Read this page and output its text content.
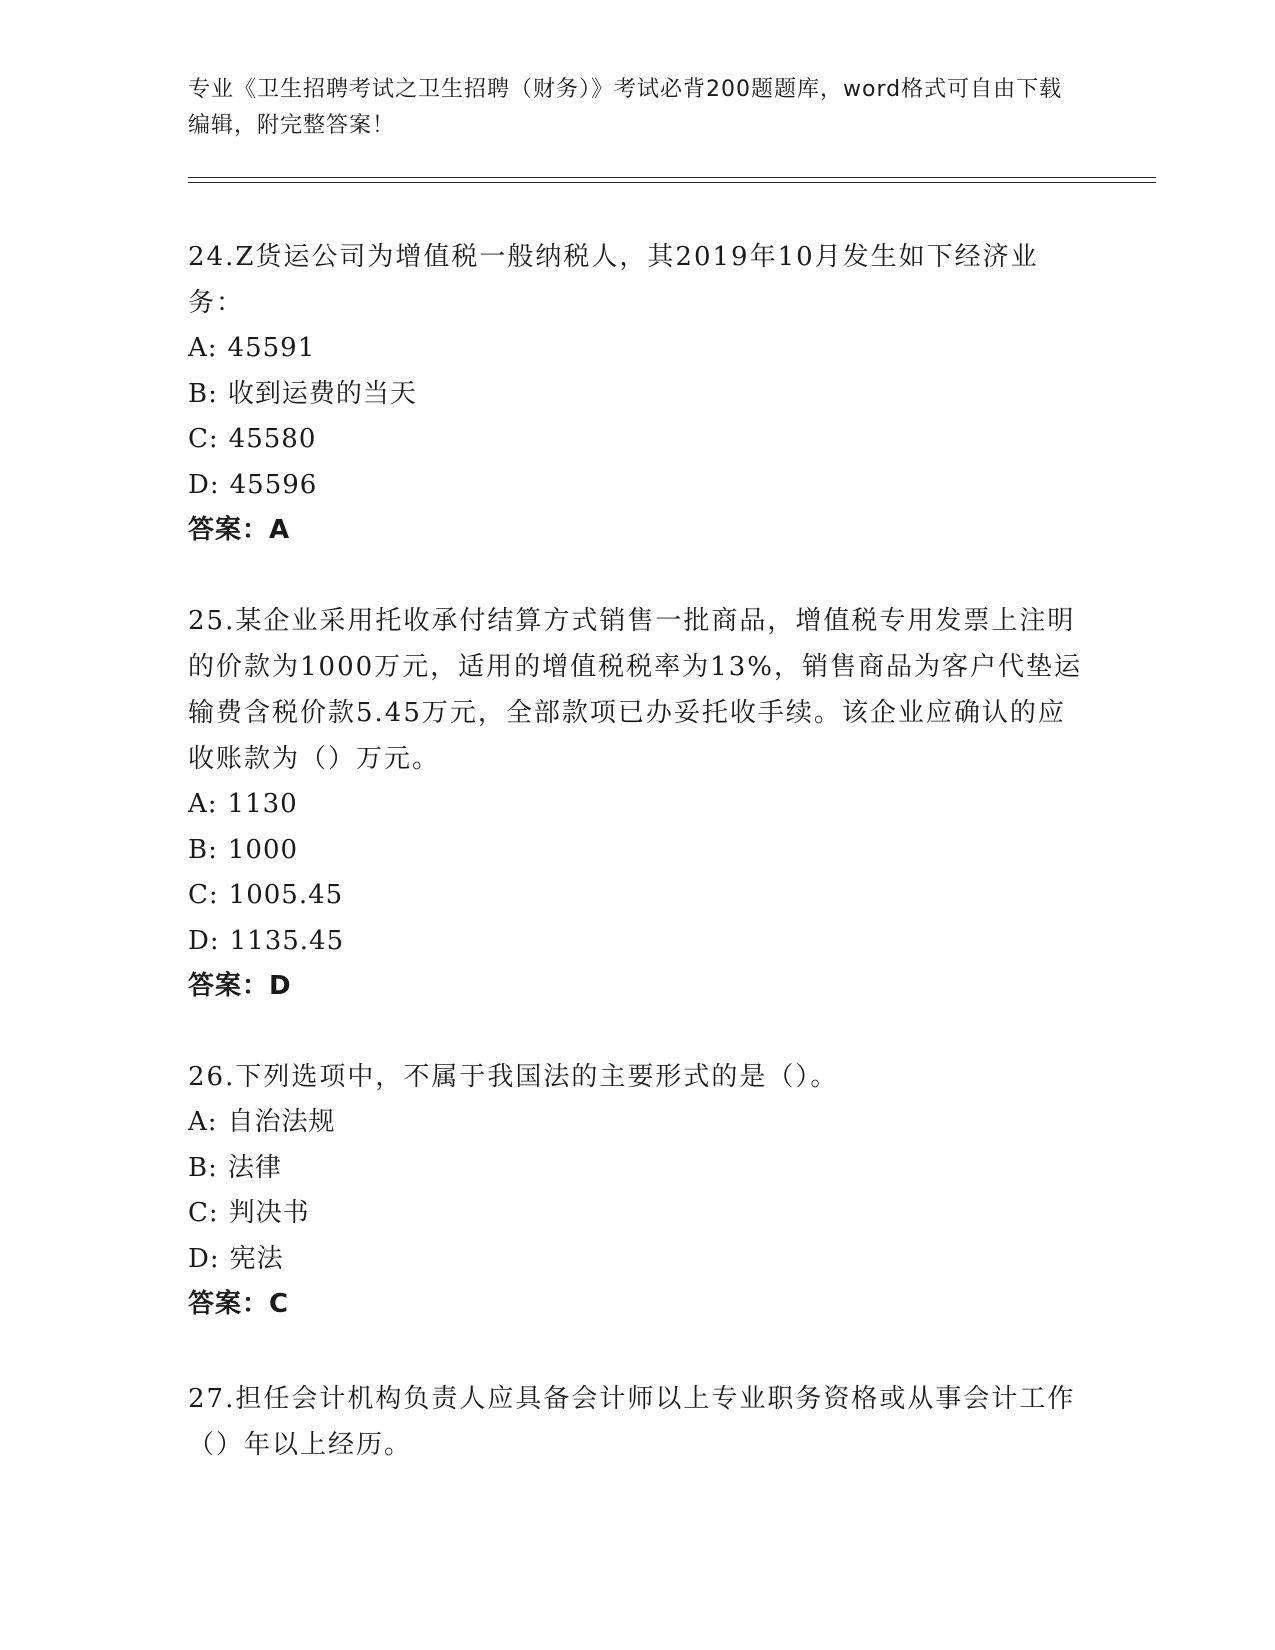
专业《卫生招聘考试之卫生招聘（财务）》考试必背200题题库，word格式可自由下载编辑，附完整答案！
24.Z货运公司为增值税一般纳税人，其2019年10月发生如下经济业务：
A: 45591
B: 收到运费的当天
C: 45580
D: 45596
答案：A
25.某企业采用托收承付结算方式销售一批商品，增值税专用发票上注明的价款为1000万元，适用的增值税税率为13%，销售商品为客户代垫运输费含税价款5.45万元，全部款项已办妥托收手续。该企业应确认的应收账款为（）万元。
A: 1130
B: 1000
C: 1005.45
D: 1135.45
答案：D
26.下列选项中，不属于我国法的主要形式的是（）。
A: 自治法规
B: 法律
C: 判决书
D: 宪法
答案：C
27.担任会计机构负责人应具备会计师以上专业职务资格或从事会计工作（）年以上经历。
